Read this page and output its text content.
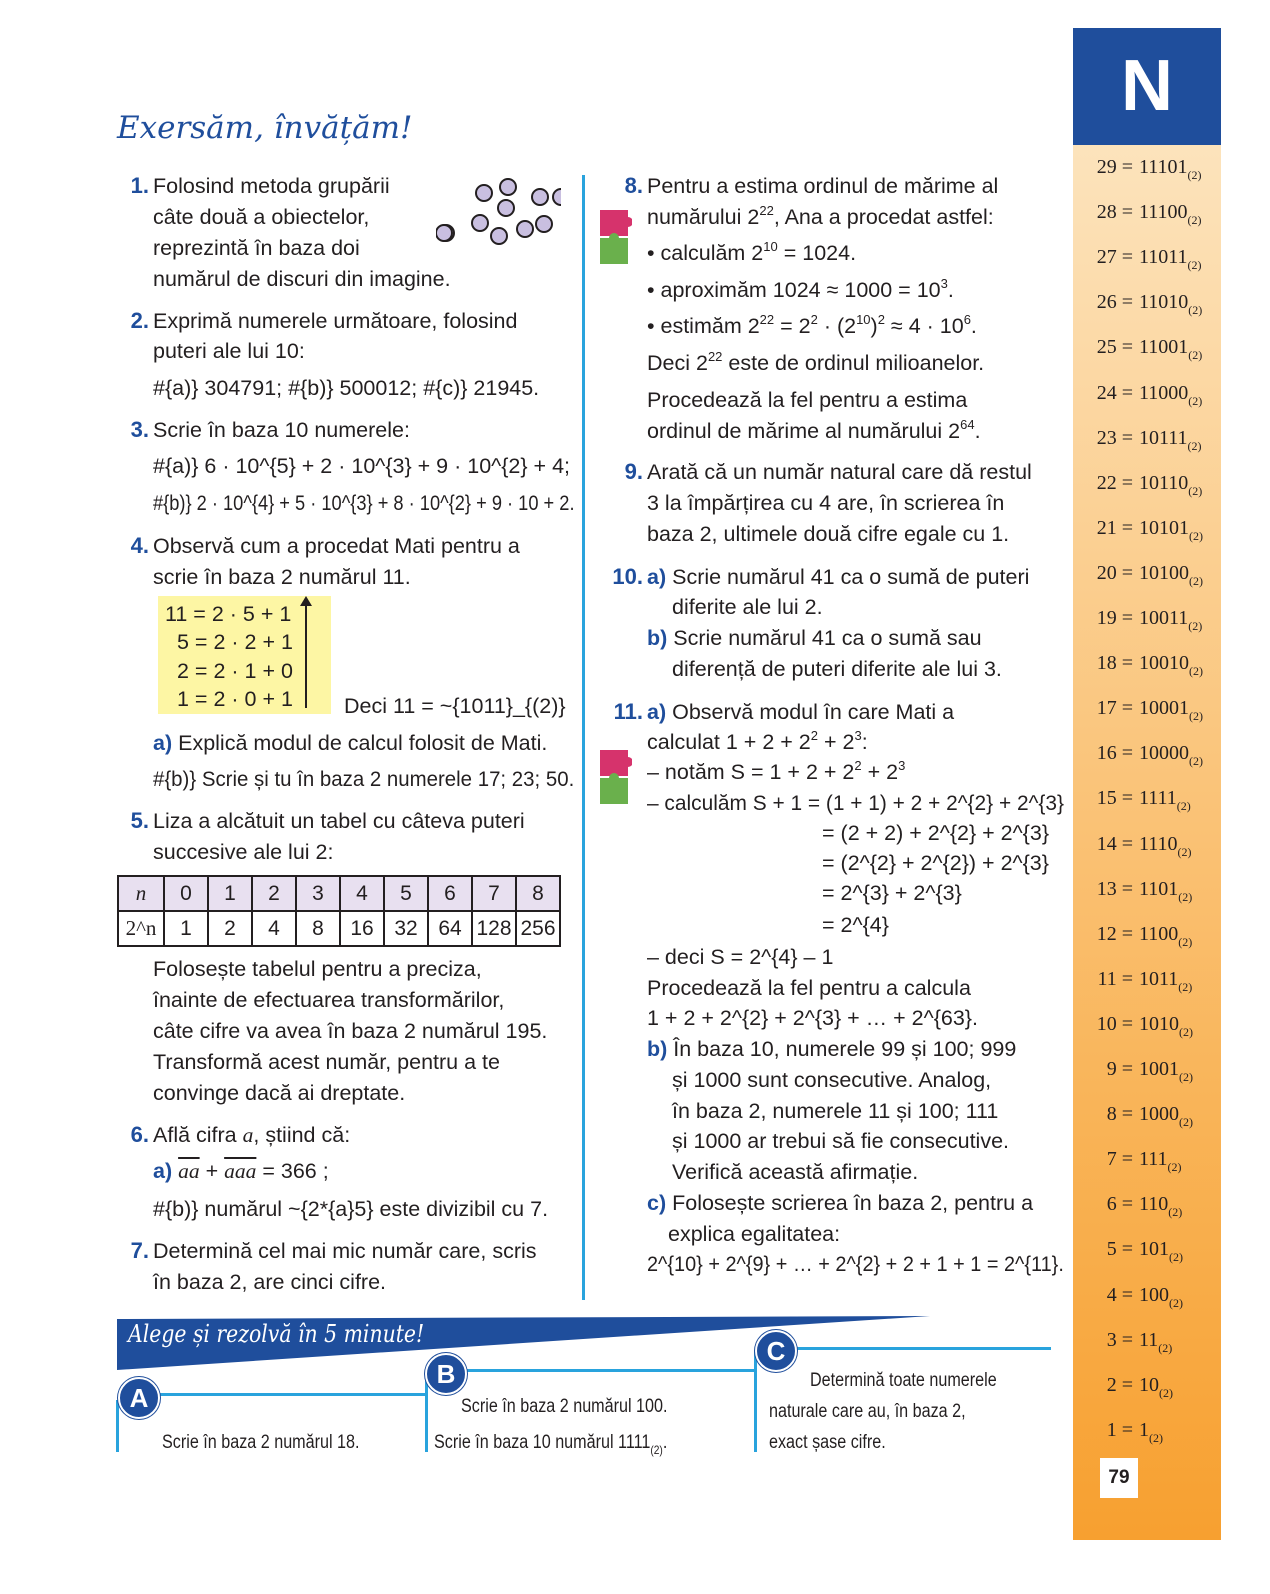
Exersăm, învățăm!
1. Folosind metoda grupării
câte două a obiectelor,
reprezintă în baza doi
numărul de discuri din imagine.
2. Exprimă numerele următoare, folosind
puteri ale lui 10:
#{a)} 304791; #{b)} 500012; #{c)} 21945.
3. Scrie în baza 10 numerele:
#{a)} 6 · 10^{5} + 2 · 10^{3} + 9 · 10^{2} + 4;
#{b)} 2 · 10^{4} + 5 · 10^{3} + 8 · 10^{2} + 9 · 10 + 2.
4. Observă cum a procedat Mati pentru a
scrie în baza 2 numărul 11.
11 = 2 · 5 + 1
5 = 2 · 2 + 1
2 = 2 · 1 + 0
1 = 2 · 0 + 1 Deci 11 = ~{1011}_{(2)}
a) Explică modul de calcul folosit de Mati.
#{b)} Scrie și tu în baza 2 numerele 17; 23; 50.
5. Liza a alcătuit un tabel cu câteva puteri
succesive ale lui 2:
Folosește tabelul pentru a preciza,
înainte de efectuarea transformărilor,
câte cifre va avea în baza 2 numărul 195.
Transformă acest număr, pentru a te
convinge dacă ai dreptate.
6. Află cifra a, știind că:
a) $\overline{aa} + \overline{aaa} = 366$ ;
#{b)} numărul ~{2*{a}5} este divizibil cu 7.
7. Determină cel mai mic număr care, scris
în baza 2, are cinci cifre.
n	0	1	2	3	4	5	6	7	8
2^n	1	2	4	8	16	32	64	128	256
8. Pentru a estima ordinul de mărime al
numărului $2^{22}$, Ana a procedat astfel:
• calculăm $2^{10} = 1024$.
• aproximăm $1024 \approx 1000 = 10^3$.
• estimăm $2^{22} = 2^2 \cdot (2^{10})^2 \approx 4 \cdot 10^6$.
Deci $2^{22}$ este de ordinul milioanelor.
Procedează la fel pentru a estima
ordinul de mărime al numărului $2^{64}$.
9. Arată că un număr natural care dă restul
3 la împărțirea cu 4 are, în scrierea în
baza 2, ultimele două cifre egale cu 1.
10. a) Scrie numărul 41 ca o sumă de puteri
diferite ale lui 2.
b) Scrie numărul 41 ca o sumă sau
diferență de puteri diferite ale lui 3.
11. a) Observă modul în care Mati a
calculat $1 + 2 + 2^2 + 2^3$:
– notăm $S = 1 + 2 + 2^2 + 2^3$
– calculăm S + 1 = (1 + 1) + 2 + 2^{2} + 2^{3}
= (2 + 2) + 2^{2} + 2^{3}
= (2^{2} + 2^{2}) + 2^{3}
= 2^{3} + 2^{3}
= 2^{4}
– deci S = 2^{4} – 1
Procedează la fel pentru a calcula
1 + 2 + 2^{2} + 2^{3} + … + 2^{63}.
b) În baza 10, numerele 99 și 100; 999
și 1000 sunt consecutive. Analog,
în baza 2, numerele 11 și 100; 111
și 1000 ar trebui să fie consecutive.
Verifică această afirmație.
c) Folosește scrierea în baza 2, pentru a
explica egalitatea:
2^{10} + 2^{9} + … + 2^{2} + 2 + 1 + 1 = 2^{11}.
N
$29 = 11101_{(2)}$
$28 = 11100_{(2)}$
$27 = 11011_{(2)}$
$26 = 11010_{(2)}$
$25 = 11001_{(2)}$
$24 = 11000_{(2)}$
$23 = 10111_{(2)}$
$22 = 10110_{(2)}$
$21 = 10101_{(2)}$
$20 = 10100_{(2)}$
$19 = 10011_{(2)}$
$18 = 10010_{(2)}$
$17 = 10001_{(2)}$
$16 = 10000_{(2)}$
$15 = 1111_{(2)}$
$14 = 1110_{(2)}$
$13 = 1101_{(2)}$
$12 = 1100_{(2)}$
$11 = 1011_{(2)}$
$10 = 1010_{(2)}$
$9 = 1001_{(2)}$
$8 = 1000_{(2)}$
$7 = 111_{(2)}$
$6 = 110_{(2)}$
$5 = 101_{(2)}$
$4 = 100_{(2)}$
$3 = 11_{(2)}$
$2 = 10_{(2)}$
$1 = 1_{(2)}$
79
Alege și rezolvă în 5 minute!
A
B
C
Scrie în baza 2 numărul 18.
Scrie în baza 2 numărul 100.
Scrie în baza 10 numărul $1111_{(2)}$.
Determină toate numerele
naturale care au, în baza 2,
exact șase cifre.
